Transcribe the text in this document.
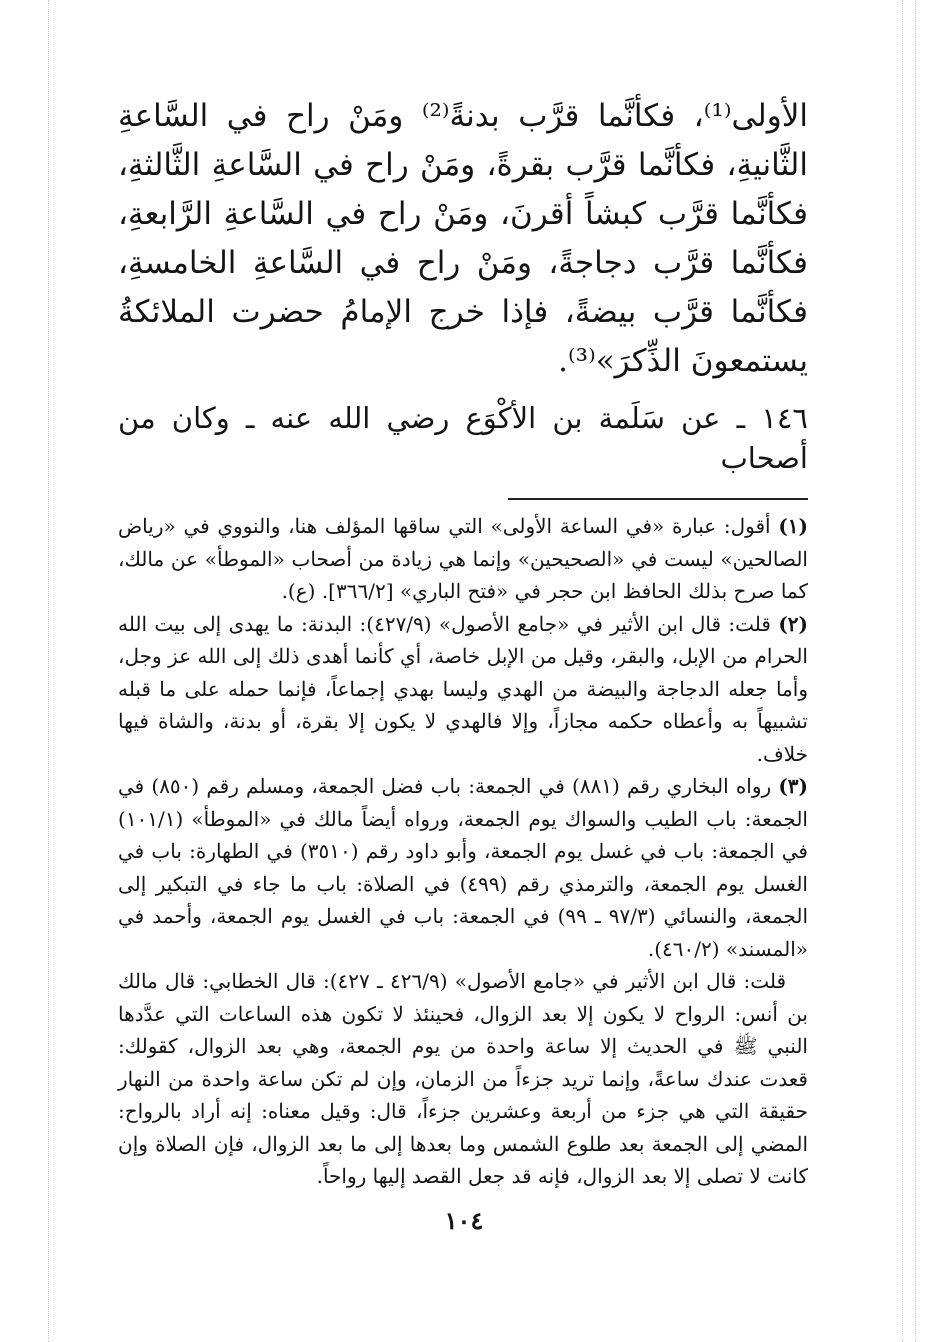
الأولى⁽¹⁾، فكأنَّما قرَّب بدنةً⁽²⁾ ومَنْ راح في السَّاعةِ الثَّانيةِ، فكأنَّما قرَّب بقرةً، ومَنْ راح في السَّاعةِ الثَّالثةِ، فكأنَّما قرَّب كبشاً أقرنَ، ومَنْ راح في السَّاعةِ الرَّابعةِ، فكأنَّما قرَّب دجاجةً، ومَنْ راح في السَّاعةِ الخامسةِ، فكأنَّما قرَّب بيضةً، فإذا خرج الإمامُ حضرت الملائكةُ يستمعونَ الذِّكرَ»⁽³⁾.

١٤٦ ـ عن سَلَمة بن الأكْوَع رضي الله عنه ـ وكان من أصحاب

(١) أقول: عبارة «في الساعة الأولى» التي ساقها المؤلف هنا، والنووي في «رياض الصالحين» ليست في «الصحيحين» وإنما هي زيادة من أصحاب «الموطأ» عن مالك، كما صرح بذلك الحافظ ابن حجر في «فتح الباري» [٣٦٦/٢]. (ع).

(٢) قلت: قال ابن الأثير في «جامع الأصول» (٤٢٧/٩): البدنة: ما يهدى إلى بيت الله الحرام من الإبل، والبقر، وقيل من الإبل خاصة، أي كأنما أهدى ذلك إلى الله عز وجل، وأما جعله الدجاجة والبيضة من الهدي وليسا بهدي إجماعاً، فإنما حمله على ما قبله تشبيهاً به وأعطاه حكمه مجازاً، وإلا فالهدي لا يكون إلا بقرة، أو بدنة، والشاة فيها خلاف.

(٣) رواه البخاري رقم (٨٨١) في الجمعة: باب فضل الجمعة، ومسلم رقم (٨٥٠) في الجمعة: باب الطيب والسواك يوم الجمعة، ورواه أيضاً مالك في «الموطأ» (١٠١/١) في الجمعة: باب في غسل يوم الجمعة، وأبو داود رقم (٣٥١٠) في الطهارة: باب في الغسل يوم الجمعة، والترمذي رقم (٤٩٩) في الصلاة: باب ما جاء في التبكير إلى الجمعة، والنسائي (٩٧/٣ ـ ٩٩) في الجمعة: باب في الغسل يوم الجمعة، وأحمد في «المسند» (٤٦٠/٢).

قلت: قال ابن الأثير في «جامع الأصول» (٤٢٦/٩ ـ ٤٢٧): قال الخطابي: قال مالك بن أنس: الرواح لا يكون إلا بعد الزوال، فحينئذ لا تكون هذه الساعات التي عدَّدها النبي ﷺ في الحديث إلا ساعة واحدة من يوم الجمعة، وهي بعد الزوال، كقولك: قعدت عندك ساعةً، وإنما تريد جزءاً من الزمان، وإن لم تكن ساعة واحدة من النهار حقيقة التي هي جزء من أربعة وعشرين جزءاً، قال: وقيل معناه: إنه أراد بالرواح: المضي إلى الجمعة بعد طلوع الشمس وما بعدها إلى ما بعد الزوال، فإن الصلاة وإن كانت لا تصلى إلا بعد الزوال، فإنه قد جعل القصد إليها رواحاً.

١٠٤
